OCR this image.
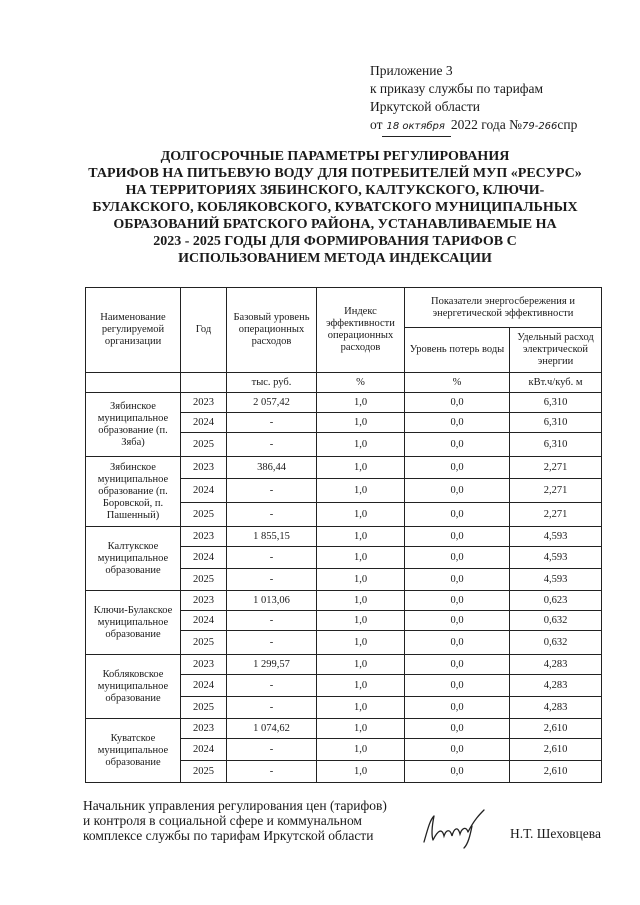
Приложение 3
к приказу службы по тарифам
Иркутской области
от 18 октября 2022 года №79-266спр
ДОЛГОСРОЧНЫЕ ПАРАМЕТРЫ РЕГУЛИРОВАНИЯ
ТАРИФОВ НА ПИТЬЕВУЮ ВОДУ ДЛЯ ПОТРЕБИТЕЛЕЙ МУП «РЕСУРС»
НА ТЕРРИТОРИЯХ ЗЯБИНСКОГО, КАЛТУКСКОГО, КЛЮЧИ-
БУЛАКСКОГО, КОБЛЯКОВСКОГО, КУВАТСКОГО МУНИЦИПАЛЬНЫХ
ОБРАЗОВАНИЙ БРАТСКОГО РАЙОНА, УСТАНАВЛИВАЕМЫЕ НА
2023 - 2025 ГОДЫ ДЛЯ ФОРМИРОВАНИЯ ТАРИФОВ С
ИСПОЛЬЗОВАНИЕМ МЕТОДА ИНДЕКСАЦИИ
Наименование регулируемой организации	Год	Базовый уровень операционных расходов	Индекс эффективности операционных расходов	Показатели энергосбережения и энергетической эффективности	
				Уровень потерь воды	Удельный расход электрической энергии
		тыс. руб.	%	%	кВт.ч/куб. м
Зябинское муниципальное образование (п. Зяба)	2023	2 057,42	1,0	0,0	6,310
	2024	-	1,0	0,0	6,310
	2025	-	1,0	0,0	6,310
Зябинское муниципальное образование (п. Боровской, п. Пашенный)	2023	386,44	1,0	0,0	2,271
	2024	-	1,0	0,0	2,271
	2025	-	1,0	0,0	2,271
Калтукское муниципальное образование	2023	1 855,15	1,0	0,0	4,593
	2024	-	1,0	0,0	4,593
	2025	-	1,0	0,0	4,593
Ключи-Булакское муниципальное образование	2023	1 013,06	1,0	0,0	0,623
	2024	-	1,0	0,0	0,632
	2025	-	1,0	0,0	0,632
Кобляковское муниципальное образование	2023	1 299,57	1,0	0,0	4,283
	2024	-	1,0	0,0	4,283
	2025	-	1,0	0,0	4,283
Куватское муниципальное образование	2023	1 074,62	1,0	0,0	2,610
	2024	-	1,0	0,0	2,610
	2025	-	1,0	0,0	2,610
Начальник управления регулирования цен (тарифов)
и контроля в социальной сфере и коммунальном
комплексе службы по тарифам Иркутской области	Н.Т. Шеховцева
